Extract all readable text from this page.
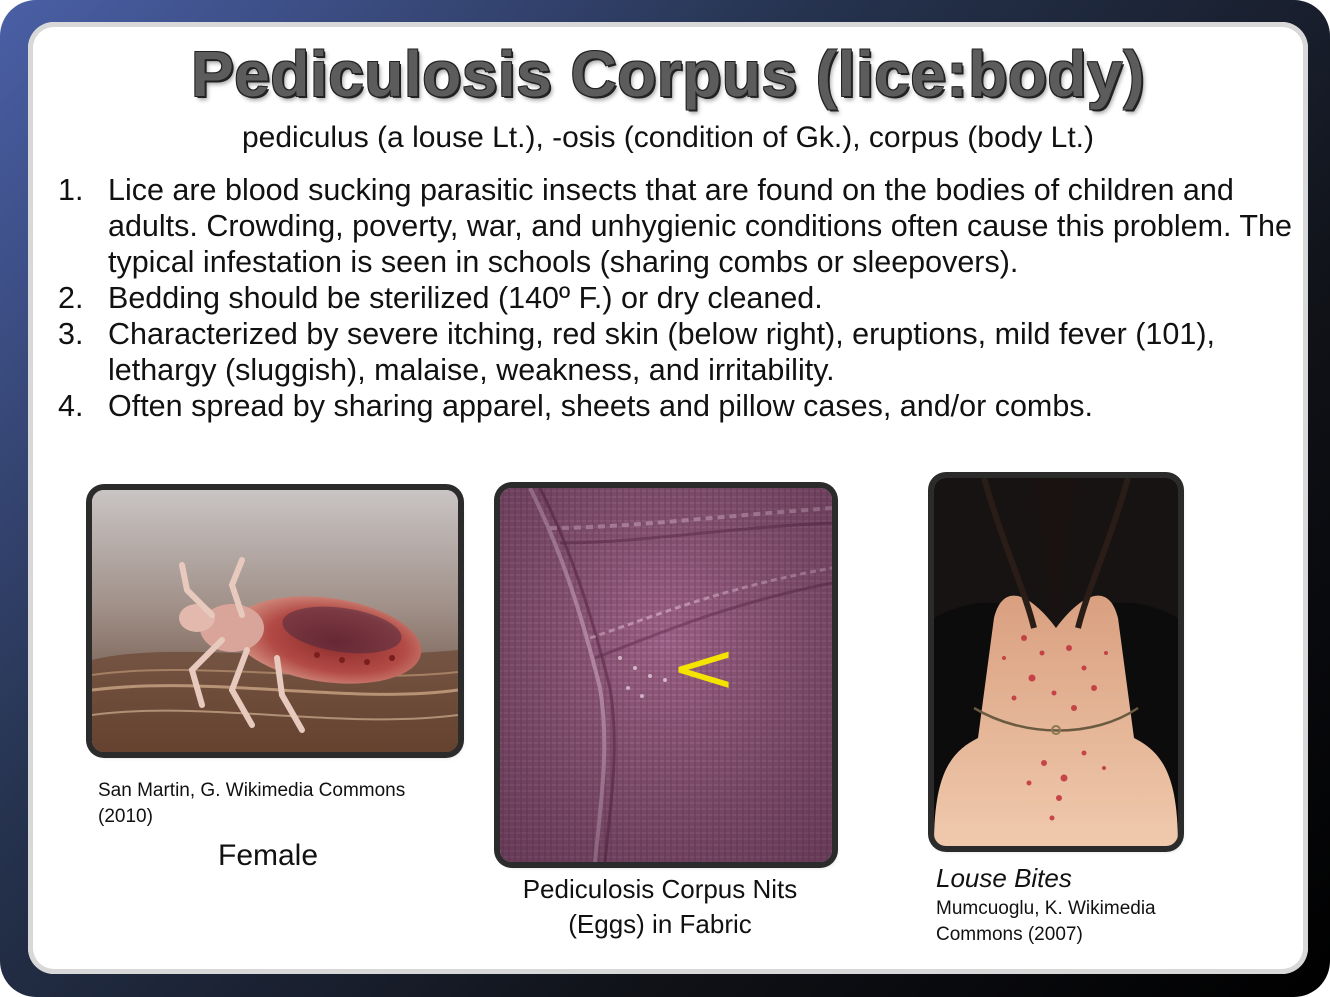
Pediculosis Corpus (lice:body)
pediculus (a louse Lt.), -osis (condition of Gk.), corpus (body Lt.)
1. Lice are blood sucking parasitic insects that are found on the bodies of children and adults. Crowding, poverty, war, and unhygienic conditions often cause this problem. The typical infestation is seen in schools (sharing combs or sleepovers).
2. Bedding should be sterilized (140º F.) or dry cleaned.
3. Characterized by severe itching, red skin (below right), eruptions, mild fever (101), lethargy (sluggish), malaise, weakness, and irritability.
4. Often spread by sharing apparel, sheets and pillow cases, and/or combs.
San Martin, G. Wikimedia Commons (2010)
Female
<
Pediculosis Corpus Nits (Eggs) in Fabric
Louse Bites
Mumcuoglu, K. Wikimedia Commons (2007)
